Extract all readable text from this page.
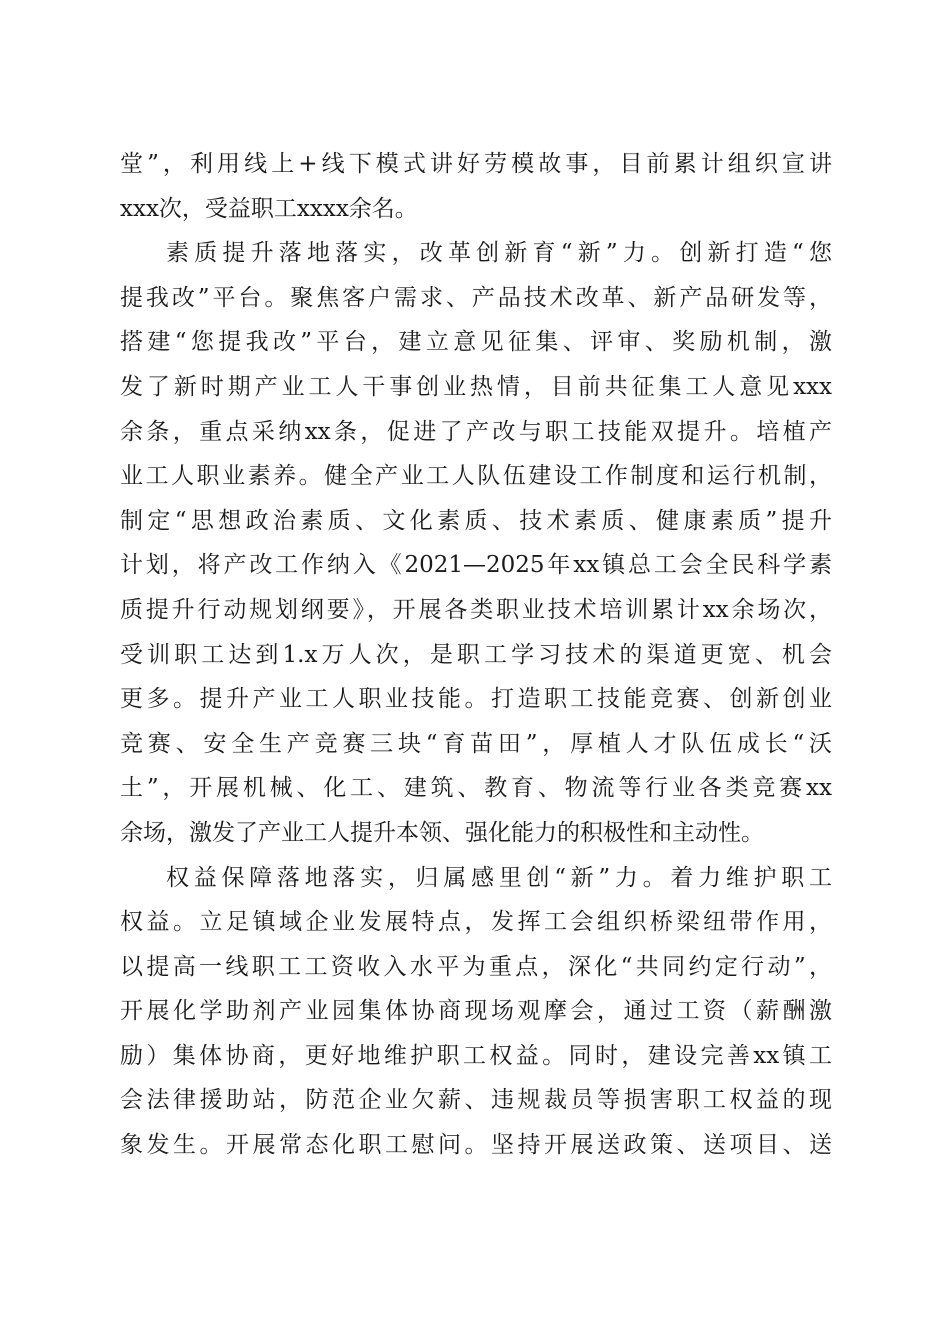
堂”，利用线上+线下模式讲好劳模故事，目前累计组织宣讲
xxx次，受益职工xxxx余名。
素质提升落地落实，改革创新育“新”力。创新打造“您
提我改”平台。聚焦客户需求、产品技术改革、新产品研发等，
搭建“您提我改”平台，建立意见征集、评审、奖励机制，激
发了新时期产业工人干事创业热情，目前共征集工人意见xxx
余条，重点采纳xx条，促进了产改与职工技能双提升。培植产
业工人职业素养。健全产业工人队伍建设工作制度和运行机制，
制定“思想政治素质、文化素质、技术素质、健康素质”提升
计划，将产改工作纳入《2021—2025年xx镇总工会全民科学素
质提升行动规划纲要》，开展各类职业技术培训累计xx余场次，
受训职工达到1.x万人次，是职工学习技术的渠道更宽、机会
更多。提升产业工人职业技能。打造职工技能竞赛、创新创业
竞赛、安全生产竞赛三块“育苗田”，厚植人才队伍成长“沃
土”，开展机械、化工、建筑、教育、物流等行业各类竞赛xx
余场，激发了产业工人提升本领、强化能力的积极性和主动性。
权益保障落地落实，归属感里创“新”力。着力维护职工
权益。立足镇域企业发展特点，发挥工会组织桥梁纽带作用，
以提高一线职工工资收入水平为重点，深化“共同约定行动”，
开展化学助剂产业园集体协商现场观摩会，通过工资（薪酬激
励）集体协商，更好地维护职工权益。同时，建设完善xx镇工
会法律援助站，防范企业欠薪、违规裁员等损害职工权益的现
象发生。开展常态化职工慰问。坚持开展送政策、送项目、送
